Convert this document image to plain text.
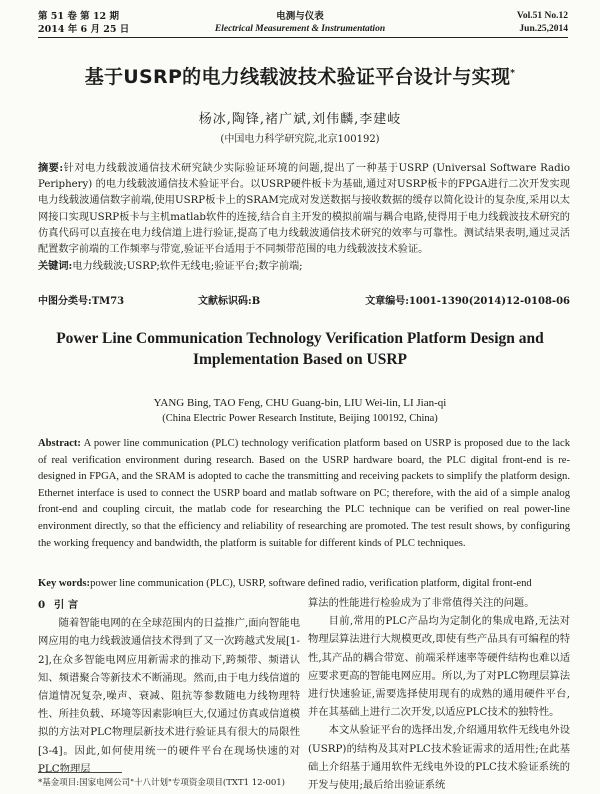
第 51 卷 第 12 期
2014 年 6 月 25 日
电测与仪表
Electrical Measurement & Instrumentation
Vol.51 No.12
Jun.25,2014
基于USRP的电力线载波技术验证平台设计与实现*
杨冰,陶锋,褚广斌,刘伟麟,李建岐
(中国电力科学研究院,北京100192)
摘要:针对电力线载波通信技术研究缺少实际验证环境的问题,提出了一种基于USRP (Universal Software Radio Periphery) 的电力线载波通信技术验证平台。以USRP硬件板卡为基础,通过对USRP板卡的FPGA进行二次开发实现电力线载波通信数字前端,使用USRP板卡上的SRAM完成对发送数据与接收数据的缓存以简化设计的复杂度,采用以太网接口实现USRP板卡与主机matlab软件的连接,结合自主开发的模拟前端与耦合电路,使得用于电力线载波技术研究的仿真代码可以直接在电力线信道上进行验证,提高了电力线载波通信技术研究的效率与可靠性。测试结果表明,通过灵活配置数字前端的工作频率与带宽,验证平台适用于不同频带范围的电力线载波技术验证。
关键词:电力线载波;USRP;软件无线电;验证平台;数字前端;
中图分类号:TM73	文献标识码:B	文章编号:1001-1390(2014)12-0108-06
Power Line Communication Technology Verification Platform Design and
Implementation Based on USRP
YANG Bing, TAO Feng, CHU Guang-bin, LIU Wei-lin, LI Jian-qi
(China Electric Power Research Institute, Beijing 100192, China)
Abstract: A power line communication (PLC) technology verification platform based on USRP is proposed due to the lack of real verification environment during research. Based on the USRP hardware board, the PLC digital front-end is re-designed in FPGA, and the SRAM is adopted to cache the transmitting and receiving packets to simplify the platform design. Ethernet interface is used to connect the USRP board and matlab software on PC; therefore, with the aid of a simple analog front-end and coupling circuit, the matlab code for researching the PLC technique can be verified on real power-line environment directly, so that the efficiency and reliability of researching are promoted. The test result shows, by configuring the working frequency and bandwidth, the platform is suitable for different kinds of PLC techniques.
Key words:power line communication (PLC), USRP, software defined radio, verification platform, digital front-end

0 引 言

随着智能电网的在全球范围内的日益推广,面向智能电网应用的电力线载波通信技术得到了又一次跨越式发展[1-2],在众多智能电网应用新需求的推动下,跨频带、频谱认知、频谱聚合等新技术不断涌现。然而,由于电力线信道的信道情况复杂,噪声、衰减、阻抗等参数随电力线物理特性、所挂负载、环境等因素影响巨大,仅通过仿真或信道模拟的方法对PLC物理层新技术进行验证具有很大的局限性[3-4]。因此,如何使用统一的硬件平台在现场快速的对PLC物理层

算法的性能进行检验成为了非常值得关注的问题。

目前,常用的PLC产品均为定制化的集成电路,无法对物理层算法进行大规模更改,即使有些产品具有可编程的特性,其产品的耦合带宽、前端采样速率等硬件结构也难以适应要求更高的智能电网应用。所以,为了对PLC物理层算法进行快速验证,需要选择使用现有的成熟的通用硬件平台,并在其基础上进行二次开发,以适应PLC技术的独特性。

本文从验证平台的选择出发,介绍通用软件无线电外设(USRP)的结构及其对PLC技术验证需求的适用性;在此基础上介绍基于通用软件无线电外设的PLC技术验证系统的开发与使用;最后给出验证系统

*基金项目:国家电网公司"十八计划"专项资金项目(TXT1 12-001)
